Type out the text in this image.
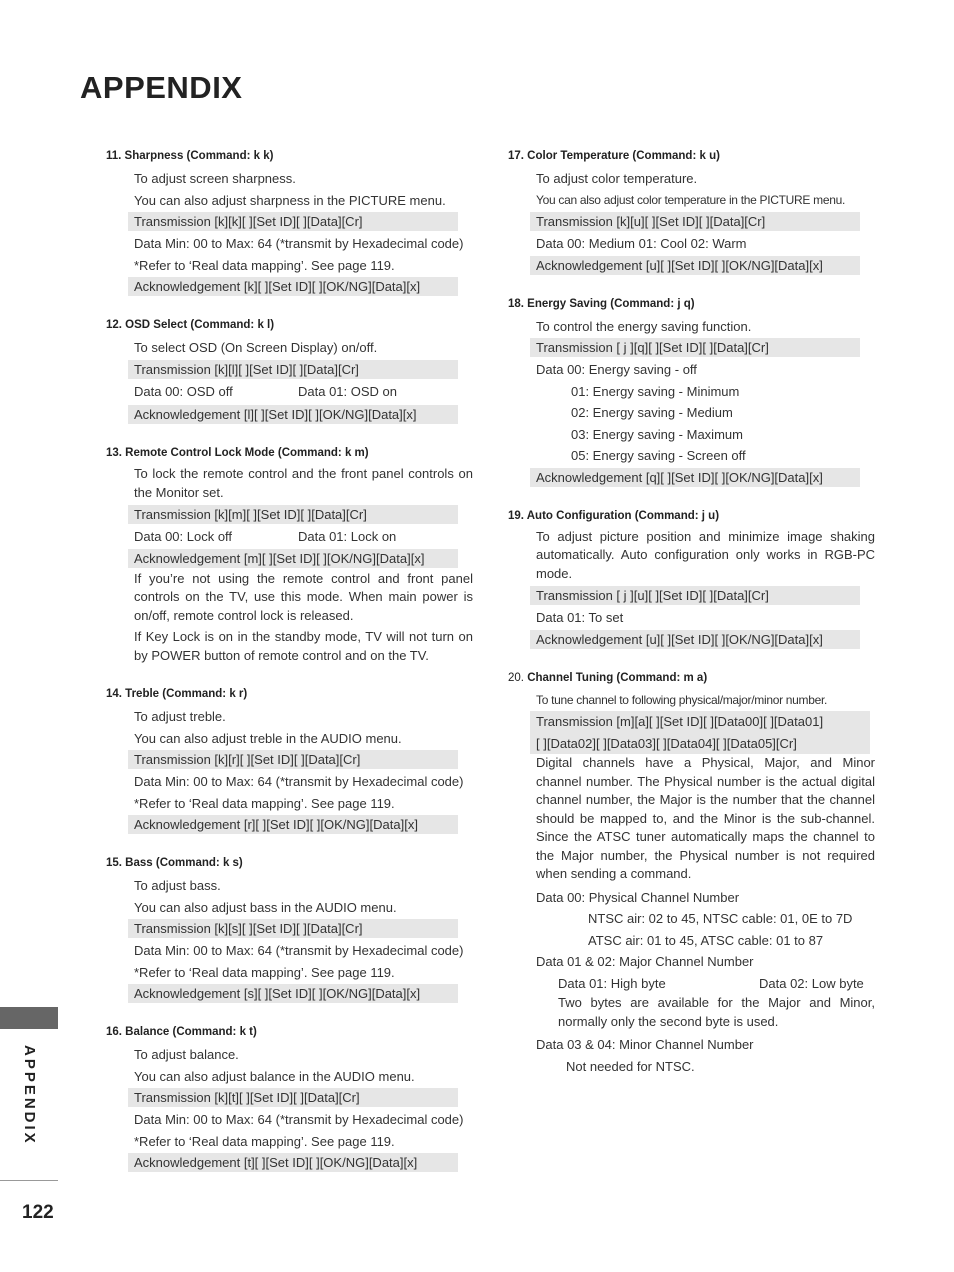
APPENDIX
11. Sharpness (Command: k k)
To adjust screen sharpness.
You can also adjust sharpness in the PICTURE menu.
Transmission [k][k][ ][Set ID][ ][Data][Cr]
Data Min: 00 to Max: 64 (*transmit by Hexadecimal code)
*Refer to ‘Real data mapping’. See page 119.
Acknowledgement [k][ ][Set ID][ ][OK/NG][Data][x]
12. OSD Select (Command: k l)
To select OSD (On Screen Display) on/off.
Transmission [k][l][ ][Set ID][ ][Data][Cr]
Data 00: OSD off	Data 01: OSD on
Acknowledgement [l][ ][Set ID][ ][OK/NG][Data][x]
13. Remote Control Lock Mode (Command: k m)
To lock the remote control and the front panel controls on the Monitor set.
Transmission [k][m][ ][Set ID][ ][Data][Cr]
Data 00: Lock off	Data 01: Lock on
Acknowledgement [m][ ][Set ID][ ][OK/NG][Data][x]
If you’re not using the remote control and front panel controls on the TV, use this mode. When main power is on/off, remote control lock is released.
If Key Lock is on in the standby mode, TV will not turn on by POWER button of remote control and on the TV.
14. Treble (Command: k r)
To adjust treble.
You can also adjust treble in the AUDIO menu.
Transmission [k][r][ ][Set ID][ ][Data][Cr]
Data Min: 00 to Max: 64 (*transmit by Hexadecimal code)
*Refer to ‘Real data mapping’. See page 119.
Acknowledgement [r][ ][Set ID][ ][OK/NG][Data][x]
15. Bass (Command: k s)
To adjust bass.
You can also adjust bass in the AUDIO menu.
Transmission [k][s][ ][Set ID][ ][Data][Cr]
Data Min: 00 to Max: 64 (*transmit by Hexadecimal code)
*Refer to ‘Real data mapping’. See page 119.
Acknowledgement [s][ ][Set ID][ ][OK/NG][Data][x]
16. Balance (Command: k t)
To adjust balance.
You can also adjust balance in the AUDIO menu.
Transmission [k][t][ ][Set ID][ ][Data][Cr]
Data Min: 00 to Max: 64 (*transmit by Hexadecimal code)
*Refer to ‘Real data mapping’. See page 119.
Acknowledgement [t][ ][Set ID][ ][OK/NG][Data][x]
17. Color Temperature (Command: k u)
To adjust color temperature.
You can also adjust color temperature in the PICTURE menu.
Transmission [k][u][ ][Set ID][ ][Data][Cr]
Data 00: Medium 01: Cool 02: Warm
Acknowledgement [u][ ][Set ID][ ][OK/NG][Data][x]
18. Energy Saving (Command: j q)
To control the energy saving function.
Transmission [ j ][q][ ][Set ID][ ][Data][Cr]
Data 00: Energy saving - off
01: Energy saving - Minimum
02: Energy saving - Medium
03: Energy saving - Maximum
05: Energy saving - Screen off
Acknowledgement [q][ ][Set ID][ ][OK/NG][Data][x]
19. Auto Configuration (Command: j u)
To adjust picture position and minimize image shaking automatically. Auto configuration only works in RGB-PC mode.
Transmission [ j ][u][ ][Set ID][ ][Data][Cr]
Data 01: To set
Acknowledgement [u][ ][Set ID][ ][OK/NG][Data][x]
20. Channel Tuning (Command: m a)
To tune channel to following physical/major/minor number.
Transmission [m][a][ ][Set ID][ ][Data00][ ][Data01]
[ ][Data02][ ][Data03][ ][Data04][ ][Data05][Cr]
Digital channels have a Physical, Major, and Minor channel number. The Physical number is the actual digital channel number, the Major is the number that the channel should be mapped to, and the Minor is the sub-channel. Since the ATSC tuner automatically maps the channel to the Major number, the Physical number is not required when sending a command.
Data 00: Physical Channel Number
NTSC air: 02 to 45, NTSC cable: 01, 0E to 7D
ATSC air: 01 to 45, ATSC cable: 01 to 87
Data 01 & 02: Major Channel Number
Data 01: High byte	Data 02: Low byte
Two bytes are available for the Major and Minor, normally only the second byte is used.
Data 03 & 04: Minor Channel Number
Not needed for NTSC.
APPENDIX
122
